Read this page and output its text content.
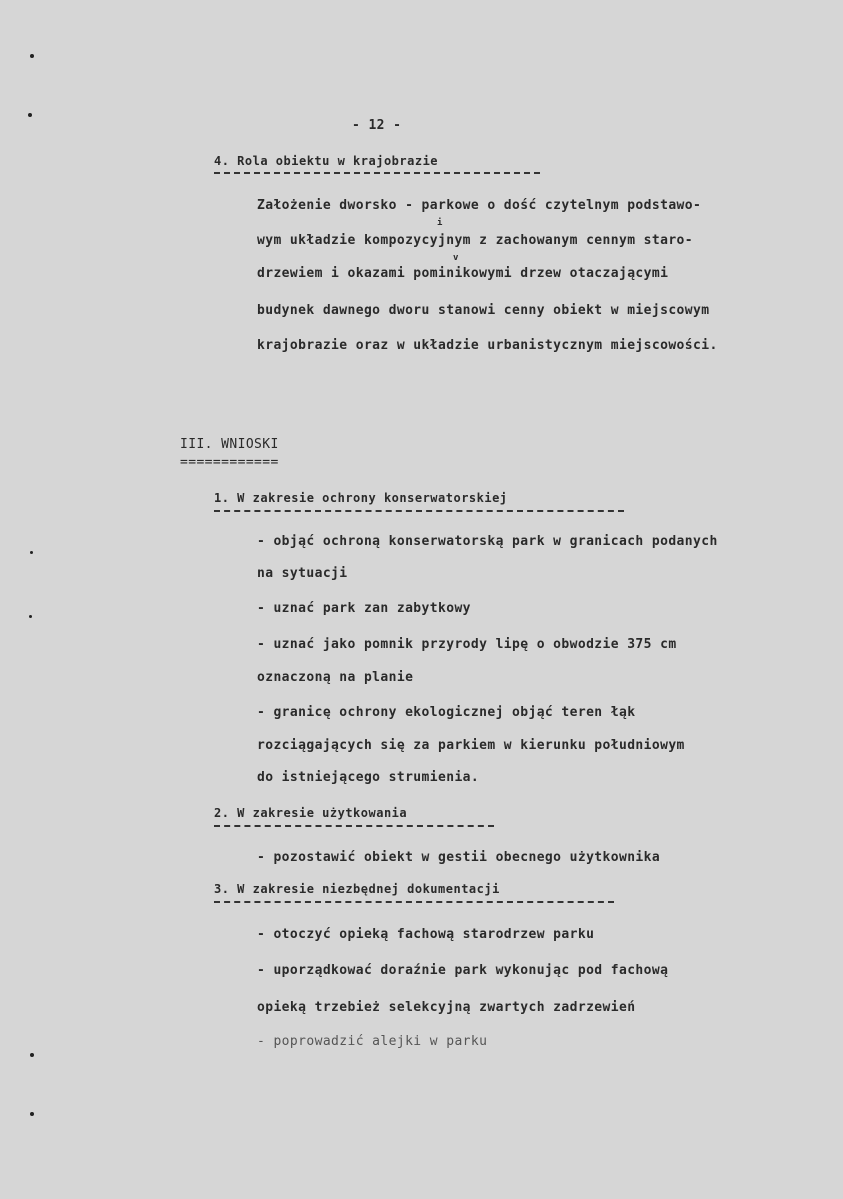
- 12 -
4. Rola obiektu w krajobrazie
Założenie dworsko - parkowe o dość czytelnym podstawo-
i
wym układzie kompozycyjnym z zachowanym cennym staro-
v
drzewiem i okazami pominikowymi drzew otaczającymi
budynek dawnego dworu stanowi cenny obiekt w miejscowym
krajobrazie oraz w układzie urbanistycznym miejscowości.
III. WNIOSKI
============
1. W zakresie ochrony konserwatorskiej
- objąć ochroną konserwatorską park w granicach podanych
na sytuacji
- uznać park zan zabytkowy
- uznać jako pomnik przyrody lipę o obwodzie 375 cm
oznaczoną na planie
- granicę ochrony ekologicznej objąć teren łąk
rozciągających się za parkiem w kierunku południowym
do istniejącego strumienia.
2. W zakresie użytkowania
- pozostawić obiekt w gestii obecnego użytkownika
3. W zakresie niezbędnej dokumentacji
- otoczyć opieką fachową starodrzew parku
- uporządkować doraźnie park wykonując pod fachową
opieką trzebież selekcyjną zwartych zadrzewień
- poprowadzić alejki w parku
